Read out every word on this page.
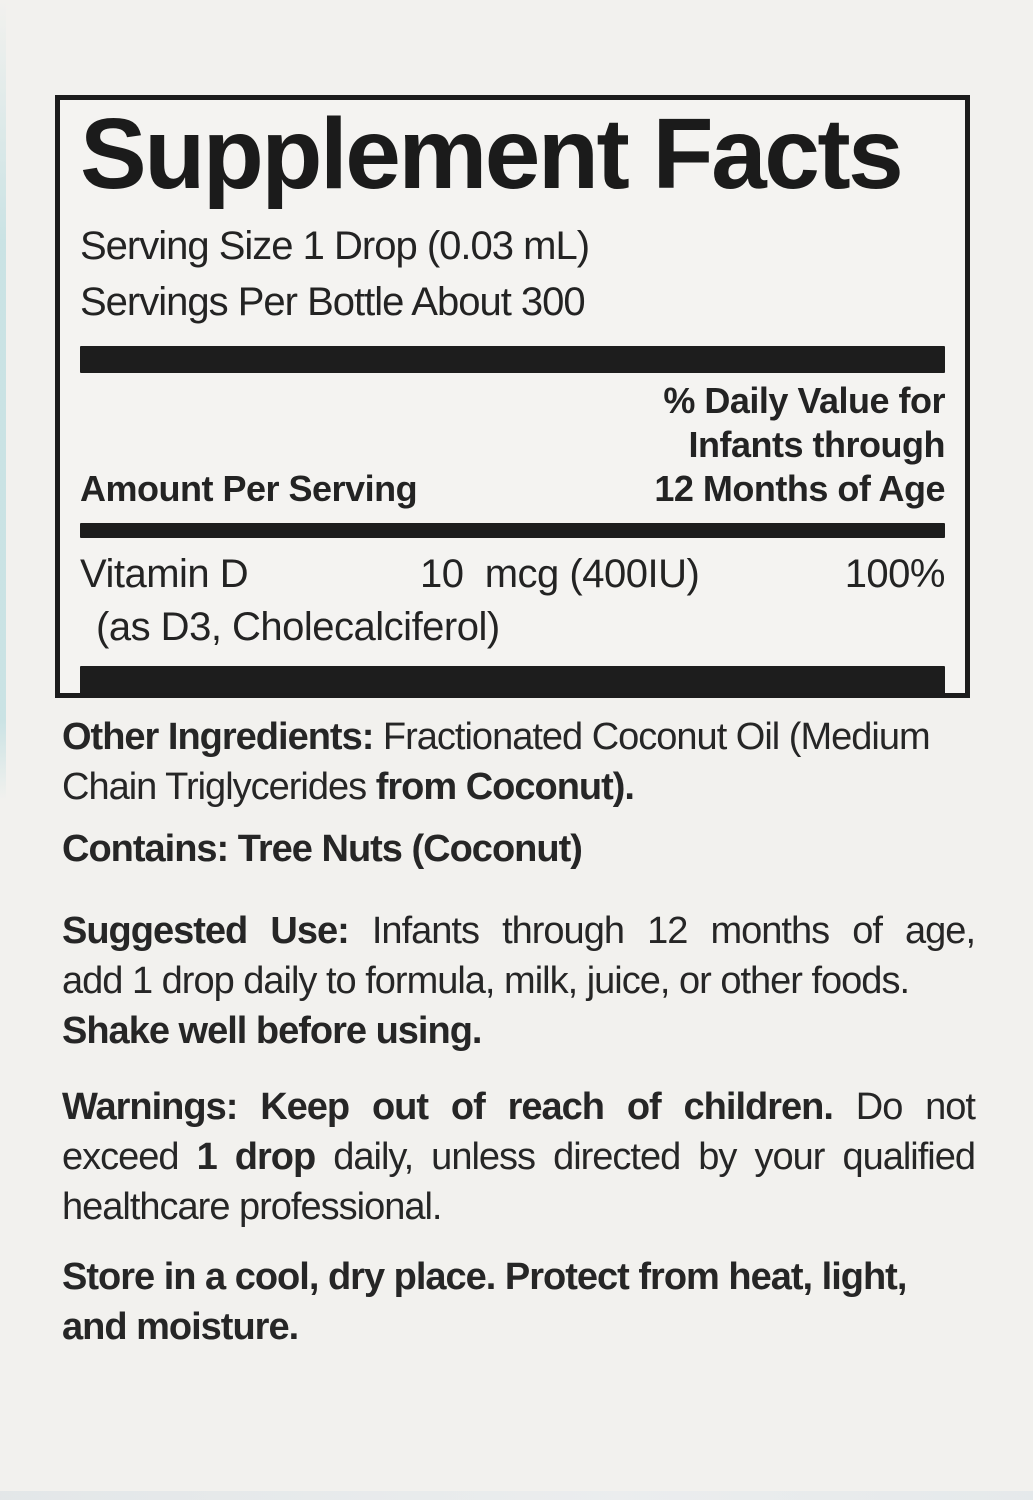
Supplement Facts
Serving Size 1 Drop (0.03 mL)
Servings Per Bottle About 300
Amount Per Serving
% Daily Value for
Infants through
12 Months of Age
Vitamin D	10  mcg (400IU)	100%
(as D3, Cholecalciferol)

Other Ingredients: Fractionated Coconut Oil (Medium
Chain Triglycerides from Coconut).

Contains: Tree Nuts (Coconut)

Suggested Use: Infants through 12 months of age,
add 1 drop daily to formula, milk, juice, or other foods.
Shake well before using.

Warnings: Keep out of reach of children. Do not
exceed 1 drop daily, unless directed by your qualified
healthcare professional.

Store in a cool, dry place. Protect from heat, light,
and moisture.
